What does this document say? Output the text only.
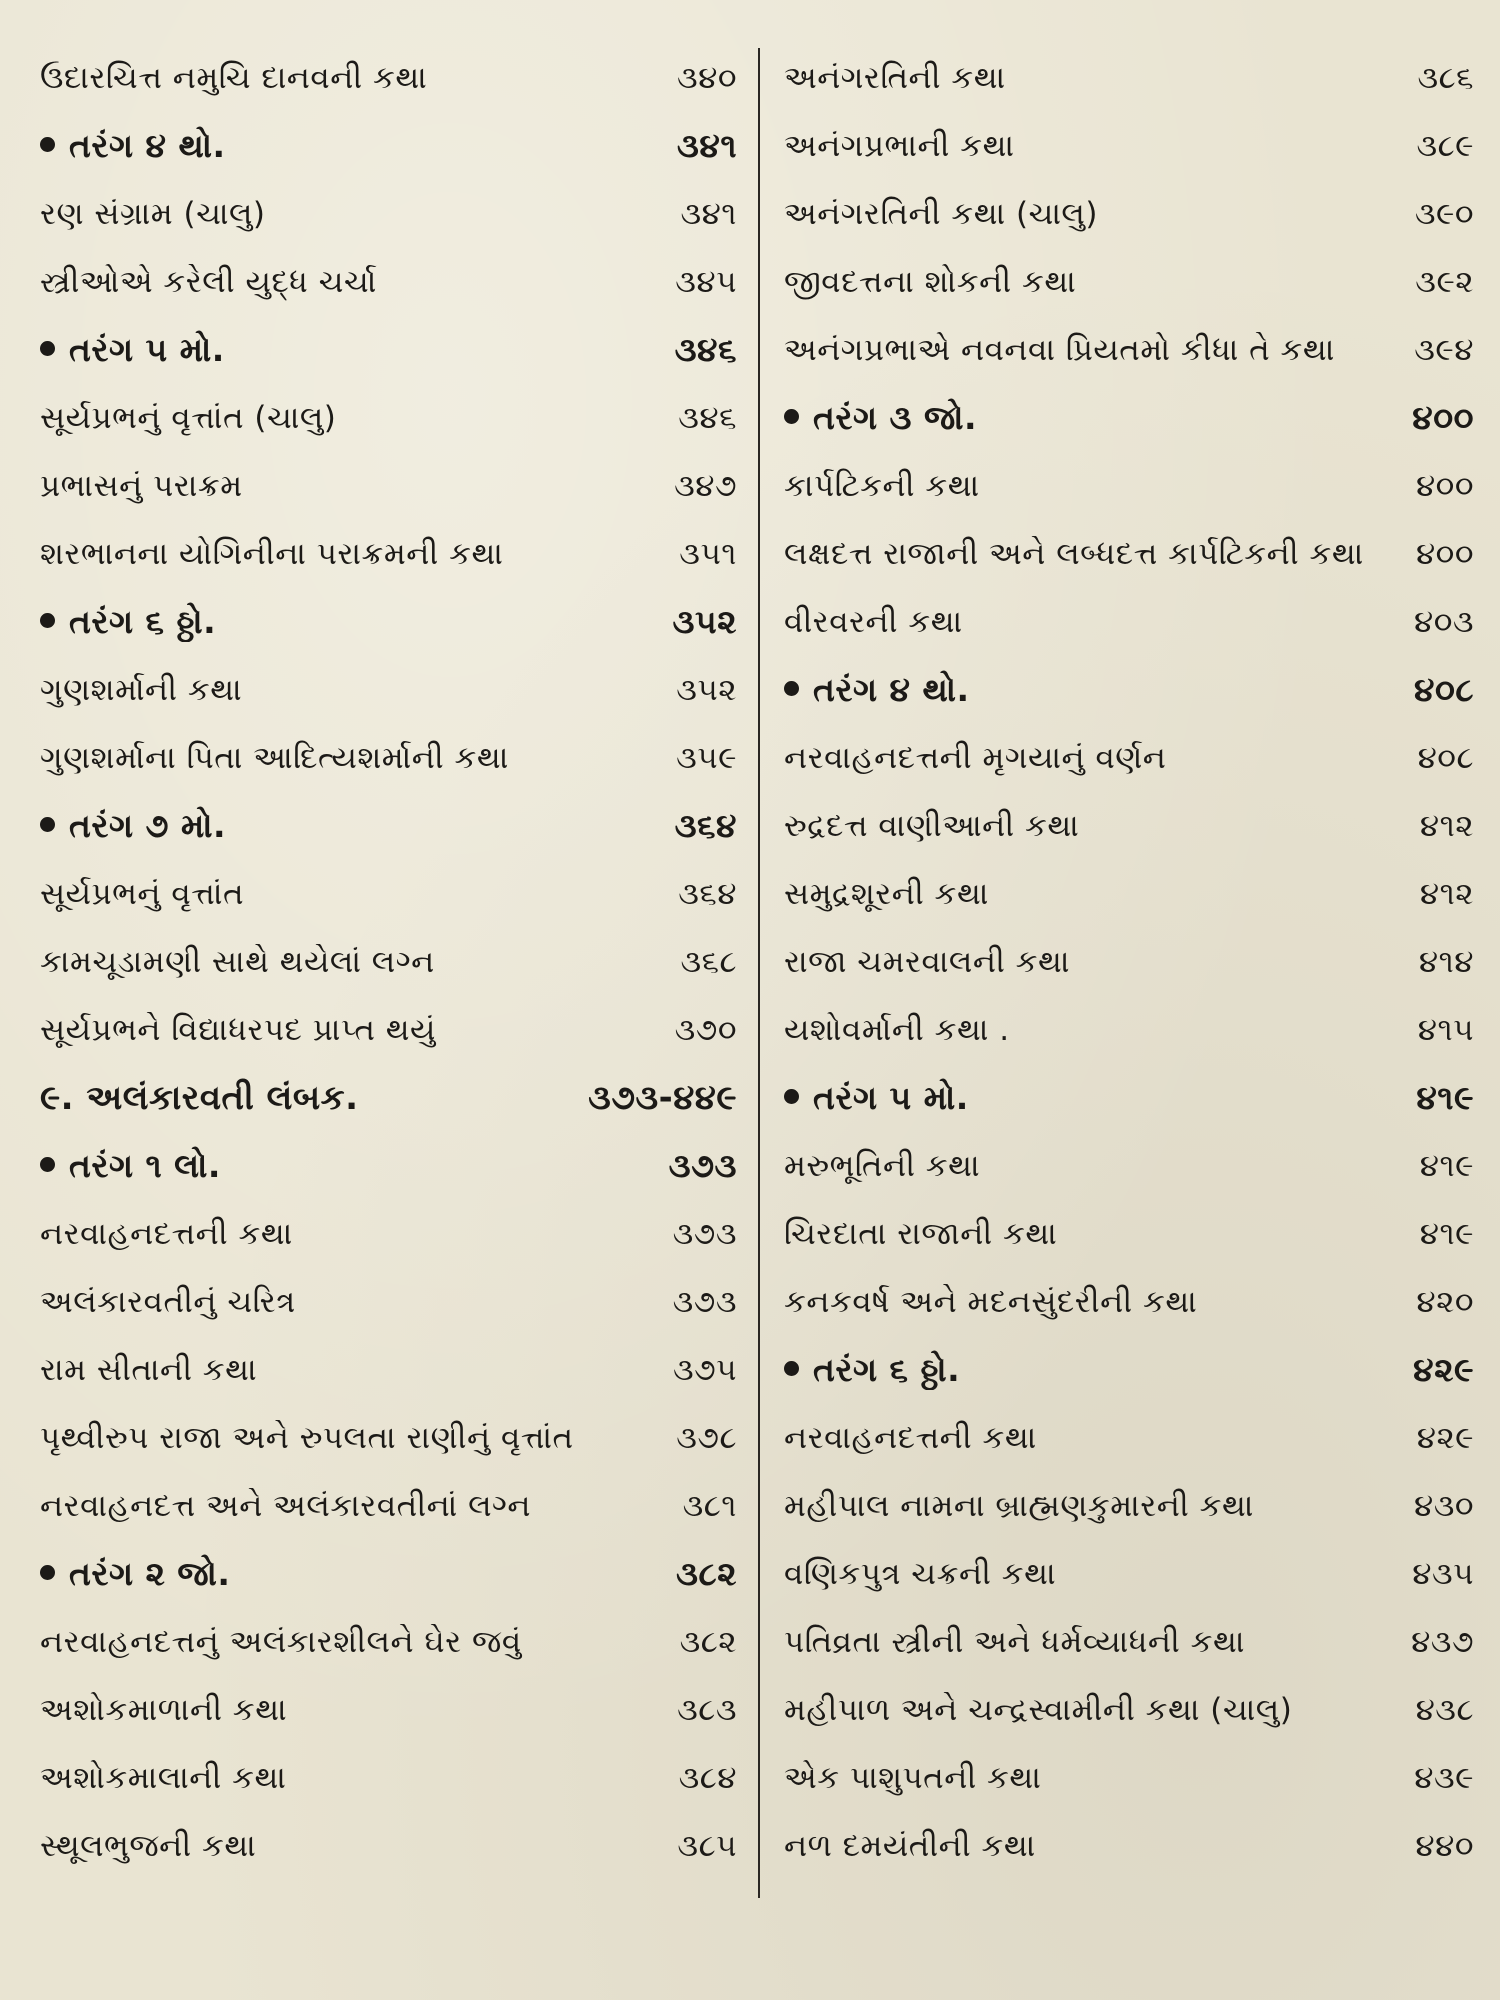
ઉદારચિત્ત નમુચિ દાનવની કથા	૩૪૦
તરંગ ૪ થો.	૩૪૧
રણ સંગ્રામ (ચાલુ)	૩૪૧
સ્ત્રીઓએ કરેલી યુદ્ધ ચર્ચા	૩૪૫
તરંગ ૫ મો.	૩૪૬
સૂર્યપ્રભનું વૃત્તાંત (ચાલુ)	૩૪૬
પ્રભાસનું પરાક્રમ	૩૪૭
શરભાનના યોગિનીના પરાક્રમની કથા	૩૫૧
તરંગ ૬ ઠ્ઠો.	૩૫૨
ગુણશર્માની કથા	૩૫૨
ગુણશર્માના પિતા આદિત્યશર્માની કથા	૩૫૯
તરંગ ૭ મો.	૩૬૪
સૂર્યપ્રભનું વૃત્તાંત	૩૬૪
કામચૂડામણી સાથે થયેલાં લગ્ન	૩૬૮
સૂર્યપ્રભને વિદ્યાધરપદ પ્રાપ્ત થયું	૩૭૦
૯. અલંકારવતી લંબક.	૩૭૩-૪૪૯
તરંગ ૧ લો.	૩૭૩
નરવાહનદત્તની કથા	૩૭૩
અલંકારવતીનું ચરિત્ર	૩૭૩
રામ સીતાની કથા	૩૭૫
પૃથ્વીરુપ રાજા અને રુપલતા રાણીનું વૃત્તાંત	૩૭૮
નરવાહનદત્ત અને અલંકારવતીનાં લગ્ન	૩૮૧
તરંગ ૨ જો.	૩૮૨
નરવાહનદત્તનું અલંકારશીલને ઘેર જવું	૩૮૨
અશોકમાળાની કથા	૩૮૩
અશોકમાલાની કથા	૩૮૪
સ્થૂલભુજની કથા	૩૮૫
અનંગરતિની કથા	૩૮૬
અનંગપ્રભાની કથા	૩૮૯
અનંગરતિની કથા (ચાલુ)	૩૯૦
જીવદત્તના શોકની કથા	૩૯૨
અનંગપ્રભાએ નવનવા પ્રિયતમો કીધા તે કથા	૩૯૪
તરંગ ૩ જો.	૪૦૦
કાર્પટિકની કથા	૪૦૦
લક્ષદત્ત રાજાની અને લબ્ધદત્ત કાર્પટિકની કથા	૪૦૦
વીરવરની કથા	૪૦૩
તરંગ ૪ થો.	૪૦૮
નરવાહનદત્તની મૃગયાનું વર્ણન	૪૦૮
રુદ્રદત્ત વાણીઆની કથા	૪૧૨
સમુદ્રશૂરની કથા	૪૧૨
રાજા ચમરવાલની કથા	૪૧૪
યશોવર્માની કથા .	૪૧૫
તરંગ ૫ મો.	૪૧૯
મરુભૂતિની કથા	૪૧૯
ચિરદાતા રાજાની કથા	૪૧૯
કનકવર્ષ અને મદનસુંદરીની કથા	૪૨૦
તરંગ ૬ ઠ્ઠો.	૪૨૯
નરવાહનદત્તની કથા	૪૨૯
મહીપાલ નામના બ્રાહ્મણકુમારની કથા	૪૩૦
વણિકપુત્ર ચક્રની કથા	૪૩૫
પતિવ્રતા સ્ત્રીની અને ધર્મવ્યાધની કથા	૪૩૭
મહીપાળ અને ચન્દ્રસ્વામીની કથા (ચાલુ)	૪૩૮
એક પાશુપતની કથા	૪૩૯
નળ દમયંતીની કથા	૪૪૦
